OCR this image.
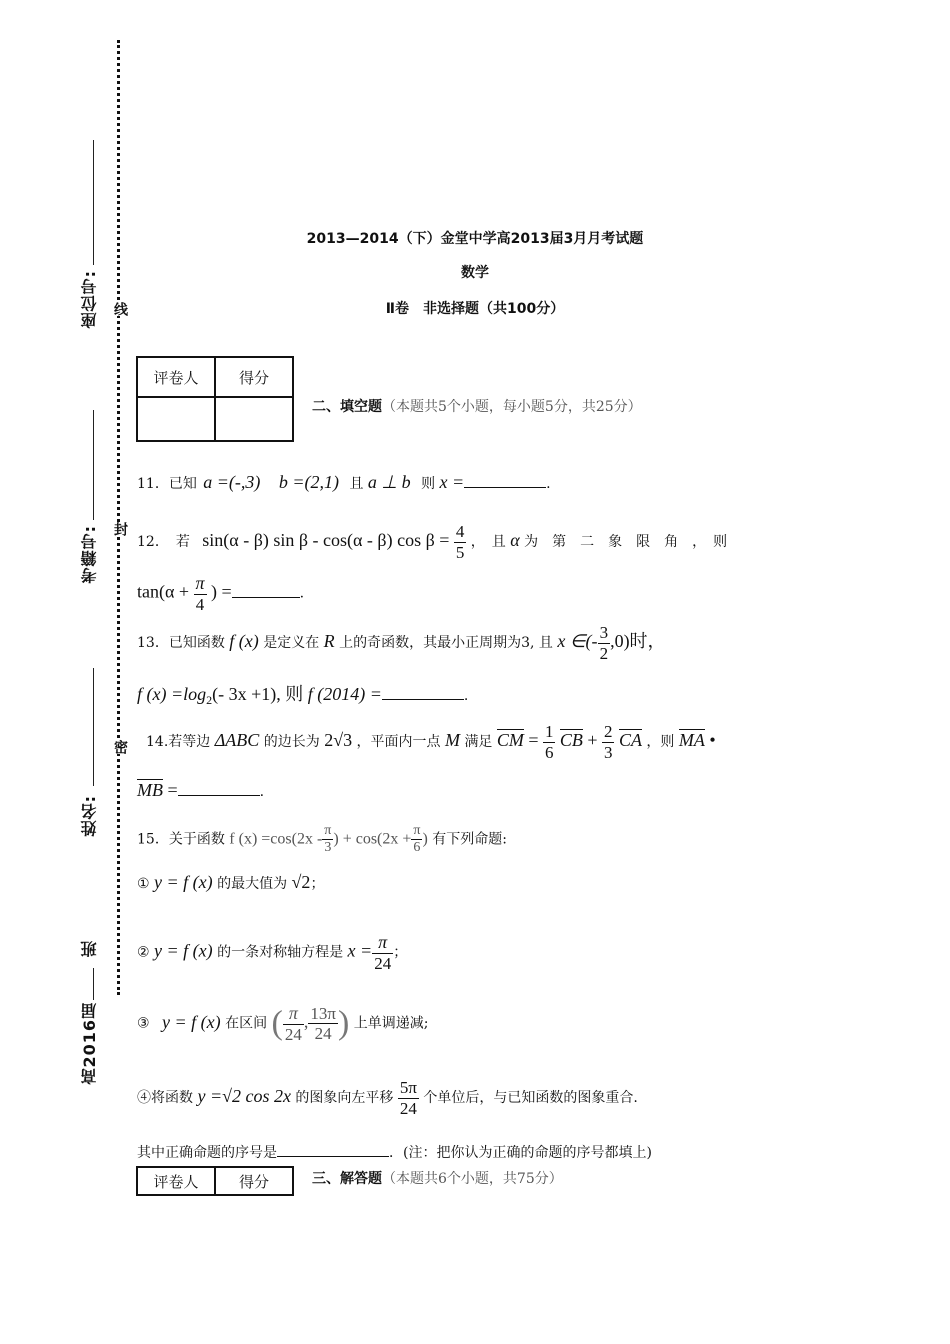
线
封
密
座位号:
考籍号:
姓名:
班
高2016届
2013—2014（下）金堂中学高2013届3月月考试题
数学
Ⅱ卷　非选择题（共100分）
评卷人	得分

二、填空题（本题共5个小题，每小题5分，共25分）
11．已知 a =(-,3) b =(2,1) 且 a ⊥ b 则 x =	.
12．　若 sin(α - β) sin β - cos(α - β) $\cos \beta = \frac{4}{5}$ ，　且 α 为　第　二　象　限　角　，　则
$\tan(\alpha + \frac{\pi}{4}$ ) =	.
13．已知函数 f (x) 是定义在 R 上的奇函数，其最小正周期为3, 且 x ∈(- $\frac{3}{2} ,0$)时，
f $(x) =\log_2(-$ 3x +1), 则 f (2014) =	.
14.若等边 ΔABC 的边长为 2√3 ，平面内一点 M 满足 CM = $\frac{1}{6}$ CB + $\frac{2}{3}$ CA ，则 MA •
MB =	.
15．关于函数 f $(x) =\cos(2x - \frac{\pi}{3}$ ) + $\cos(2x + \frac{\pi}{6}$ ) 有下列命题:
① y = f (x) 的最大值为 √2；
② y = f (x) 的一条对称轴方程是 $x = \frac{\pi}{24}$ ；
③ y = f (x) 在区间 ( $\frac{\pi}{24}$ , $\frac{13\pi}{24}$ ) 上单调递减;
④将函数 y =√2 cos 2x 的图象向左平移 $\frac{5\pi}{24}$ 个单位后，与已知函数的图象重合.
其中正确命题的序号是	．(注：把你认为正确的命题的序号都填上)
评卷人	得分	三、解答题（本题共6个小题，共75分）
